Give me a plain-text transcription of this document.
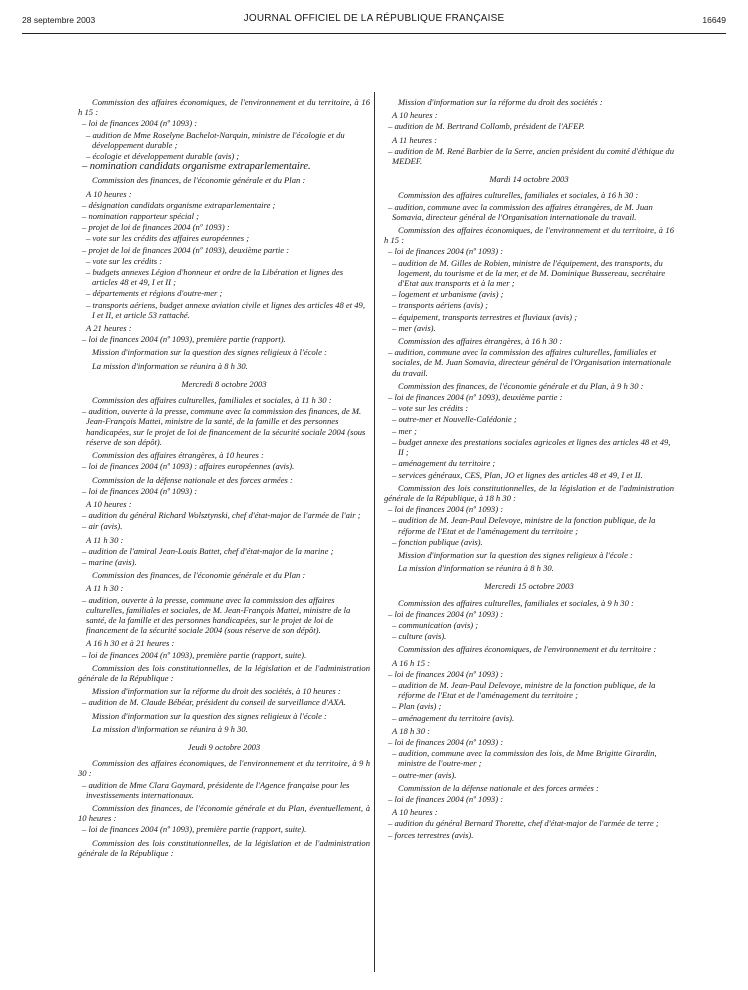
28 septembre 2003	JOURNAL OFFICIEL DE LA RÉPUBLIQUE FRANÇAISE	16649
Commission des affaires économiques, de l'environnement et du territoire, à 16 h 15 :
– loi de finances 2004 (nº 1093) :
– audition de Mme Roselyne Bachelot-Narquin, ministre de l'écologie et du développement durable ;
– écologie et développement durable (avis) ;
– nomination candidats organisme extraparlementaire.
Commission des finances, de l'économie générale et du Plan :
A 10 heures :
– désignation candidats organisme extraparlementaire ;
– nomination rapporteur spécial ;
– projet de loi de finances 2004 (nº 1093) :
– vote sur les crédits des affaires européennes ;
– projet de loi de finances 2004 (nº 1093), deuxième partie :
– vote sur les crédits :
– budgets annexes Légion d'honneur et ordre de la Libération et lignes des articles 48 et 49, I et II ;
– départements et régions d'outre-mer ;
– transports aériens, budget annexe aviation civile et lignes des articles 48 et 49, I et II, et article 53 rattaché.
A 21 heures :
– loi de finances 2004 (nº 1093), première partie (rapport).
Mission d'information sur la question des signes religieux à l'école :
La mission d'information se réunira à 8 h 30.
Mercredi 8 octobre 2003
Commission des affaires culturelles, familiales et sociales, à 11 h 30 :
– audition, ouverte à la presse, commune avec la commission des finances, de M. Jean-François Mattei, ministre de la santé, de la famille et des personnes handicapées, sur le projet de loi de financement de la sécurité sociale 2004 (sous réserve de son dépôt).
Commission des affaires étrangères, à 10 heures :
– loi de finances 2004 (nº 1093) : affaires européennes (avis).
Commission de la défense nationale et des forces armées :
– loi de finances 2004 (nº 1093) :
A 10 heures :
– audition du général Richard Wolsztynski, chef d'état-major de l'armée de l'air ;
– air (avis).
A 11 h 30 :
– audition de l'amiral Jean-Louis Battet, chef d'état-major de la marine ;
– marine (avis).
Commission des finances, de l'économie générale et du Plan :
A 11 h 30 :
– audition, ouverte à la presse, commune avec la commission des affaires culturelles, familiales et sociales, de M. Jean-François Mattei, ministre de la santé, de la famille et des personnes handicapées, sur le projet de loi de financement de la sécurité sociale 2004 (sous réserve de son dépôt).
A 16 h 30 et à 21 heures :
– loi de finances 2004 (nº 1093), première partie (rapport, suite).
Commission des lois constitutionnelles, de la législation et de l'administration générale de la République :
Mission d'information sur la réforme du droit des sociétés, à 10 heures :
– audition de M. Claude Bébéar, président du conseil de surveillance d'AXA.
Mission d'information sur la question des signes religieux à l'école :
La mission d'information se réunira à 9 h 30.
Jeudi 9 octobre 2003
Commission des affaires économiques, de l'environnement et du territoire, à 9 h 30 :
– audition de Mme Clara Gaymard, présidente de l'Agence française pour les investissements internationaux.
Commission des finances, de l'économie générale et du Plan, éventuellement, à 10 heures :
– loi de finances 2004 (nº 1093), première partie (rapport, suite).
Commission des lois constitutionnelles, de la législation et de l'administration générale de la République :
Mission d'information sur la réforme du droit des sociétés :
A 10 heures :
– audition de M. Bertrand Collomb, président de l'AFEP.
A 11 heures :
– audition de M. René Barbier de la Serre, ancien président du comité d'éthique du MEDEF.
Mardi 14 octobre 2003
Commission des affaires culturelles, familiales et sociales, à 16 h 30 :
– audition, commune avec la commission des affaires étrangères, de M. Juan Somavia, directeur général de l'Organisation internationale du travail.
Commission des affaires économiques, de l'environnement et du territoire, à 16 h 15 :
– loi de finances 2004 (nº 1093) :
– audition de M. Gilles de Robien, ministre de l'équipement, des transports, du logement, du tourisme et de la mer, et de M. Dominique Bussereau, secrétaire d'Etat aux transports et à la mer ;
– logement et urbanisme (avis) ;
– transports aériens (avis) ;
– équipement, transports terrestres et fluviaux (avis) ;
– mer (avis).
Commission des affaires étrangères, à 16 h 30 :
– audition, commune avec la commission des affaires culturelles, familiales et sociales, de M. Juan Somavia, directeur général de l'Organisation internationale du travail.
Commission des finances, de l'économie générale et du Plan, à 9 h 30 :
– loi de finances 2004 (nº 1093), deuxième partie :
– vote sur les crédits :
– outre-mer et Nouvelle-Calédonie ;
– mer ;
– budget annexe des prestations sociales agricoles et lignes des articles 48 et 49, II ;
– aménagement du territoire ;
– services généraux, CES, Plan, JO et lignes des articles 48 et 49, I et II.
Commission des lois constitutionnelles, de la législation et de l'administration générale de la République, à 18 h 30 :
– loi de finances 2004 (nº 1093) :
– audition de M. Jean-Paul Delevoye, ministre de la fonction publique, de la réforme de l'Etat et de l'aménagement du territoire ;
– fonction publique (avis).
Mission d'information sur la question des signes religieux à l'école :
La mission d'information se réunira à 8 h 30.
Mercredi 15 octobre 2003
Commission des affaires culturelles, familiales et sociales, à 9 h 30 :
– loi de finances 2004 (nº 1093) :
– communication (avis) ;
– culture (avis).
Commission des affaires économiques, de l'environnement et du territoire :
A 16 h 15 :
– loi de finances 2004 (nº 1093) :
– audition de M. Jean-Paul Delevoye, ministre de la fonction publique, de la réforme de l'Etat et de l'aménagement du territoire ;
– Plan (avis) ;
– aménagement du territoire (avis).
A 18 h 30 :
– loi de finances 2004 (nº 1093) :
– audition, commune avec la commission des lois, de Mme Brigitte Girardin, ministre de l'outre-mer ;
– outre-mer (avis).
Commission de la défense nationale et des forces armées :
– loi de finances 2004 (nº 1093) :
A 10 heures :
– audition du général Bernard Thorette, chef d'état-major de l'armée de terre ;
– forces terrestres (avis).
